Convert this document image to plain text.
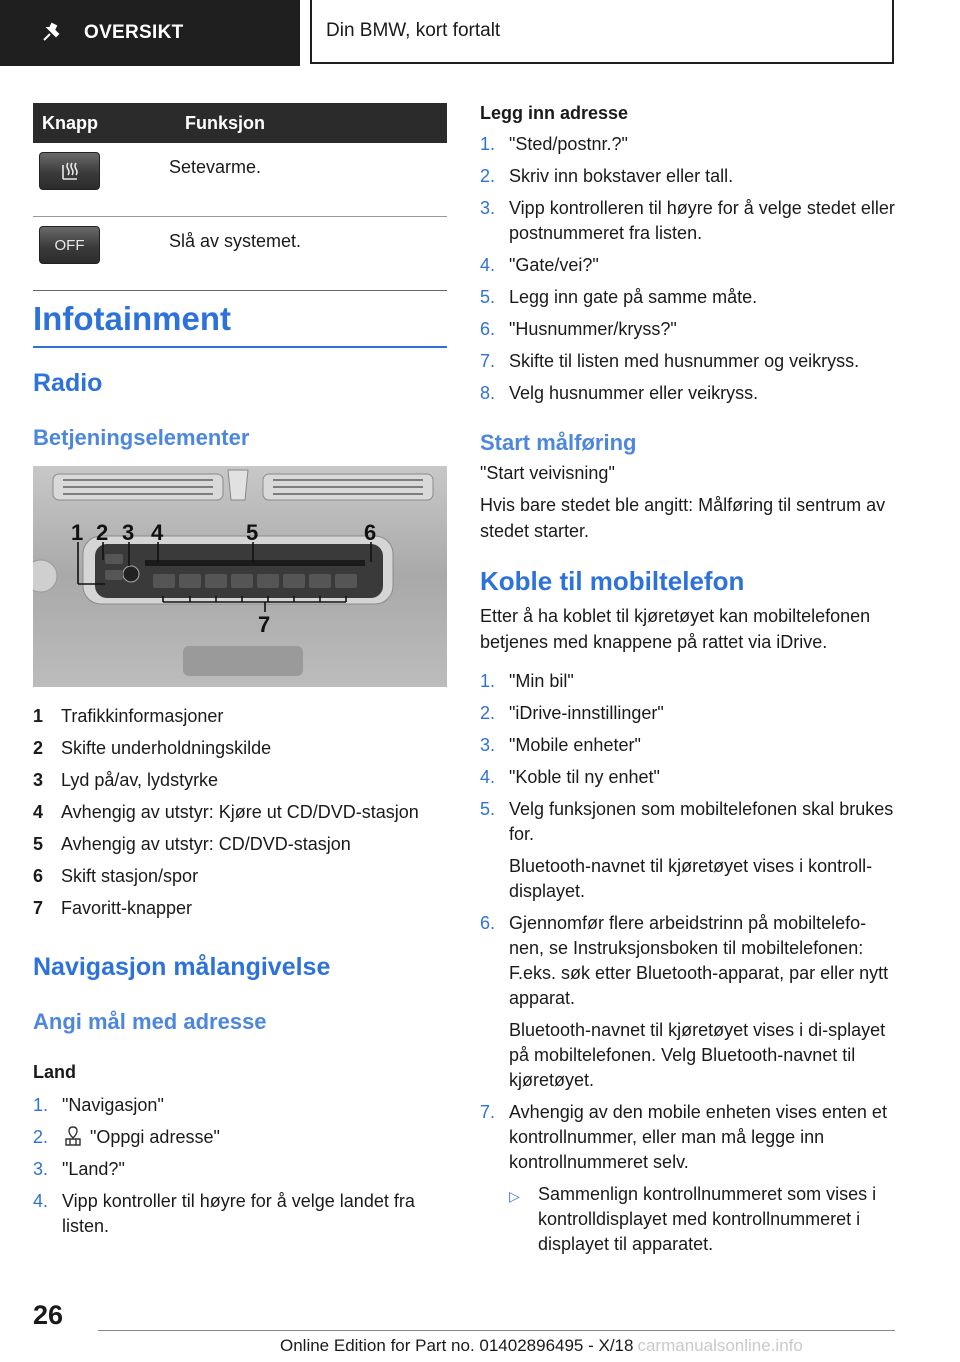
OVERSIKT	Din BMW, kort fortalt
Knapp	Funksjon

	Setevarme.

OFF	Slå av systemet.
Infotainment
Radio
Betjeningselementer
1 2 3 4	5	6
7
1 Trafikkinformasjoner
2 Skifte underholdningskilde
3 Lyd på/av, lydstyrke
4 Avhengig av utstyr: Kjøre ut CD/DVD-stasjon
5 Avhengig av utstyr: CD/DVD-stasjon
6 Skift stasjon/spor
7 Favoritt-knapper
Navigasjon målangivelse
Angi mål med adresse
Land
1. "Navigasjon"
2.	"Oppgi adresse"
3. "Land?"
4. Vipp kontroller til høyre for å velge landet fra listen.
Legg inn adresse
1. "Sted/postnr.?"
2. Skriv inn bokstaver eller tall.
3. Vipp kontrolleren til høyre for å velge stedet eller postnummeret fra listen.
4. "Gate/vei?"
5. Legg inn gate på samme måte.
6. "Husnummer/kryss?"
7. Skifte til listen med husnummer og veikryss.
8. Velg husnummer eller veikryss.
Start målføring
"Start veivisning"
Hvis bare stedet ble angitt: Målføring til sentrum av stedet starter.
Koble til mobiltelefon
Etter å ha koblet til kjøretøyet kan mobiltelefonen betjenes med knappene på rattet via iDrive.
1. "Min bil"
2. "iDrive-innstillinger"
3. "Mobile enheter"
4. "Koble til ny enhet"
5. Velg funksjonen som mobiltelefonen skal brukes for.
Bluetooth-navnet til kjøretøyet vises i kontroll-displayet.
6. Gjennomfør flere arbeidstrinn på mobiltelefo-nen, se Instruksjonsboken til mobiltelefonen: F.eks. søk etter Bluetooth-apparat, par eller nytt apparat.
Bluetooth-navnet til kjøretøyet vises i di-splayet på mobiltelefonen. Velg Bluetooth-navnet til kjøretøyet.
7. Avhengig av den mobile enheten vises enten et kontrollnummer, eller man må legge inn kontrollnummeret selv.
▷	Sammenlign kontrollnummeret som vises i kontrolldisplayet med kontrollnummeret i displayet til apparatet.
26
Online Edition for Part no. 01402896495 - X/18 carmanualsonline.info
